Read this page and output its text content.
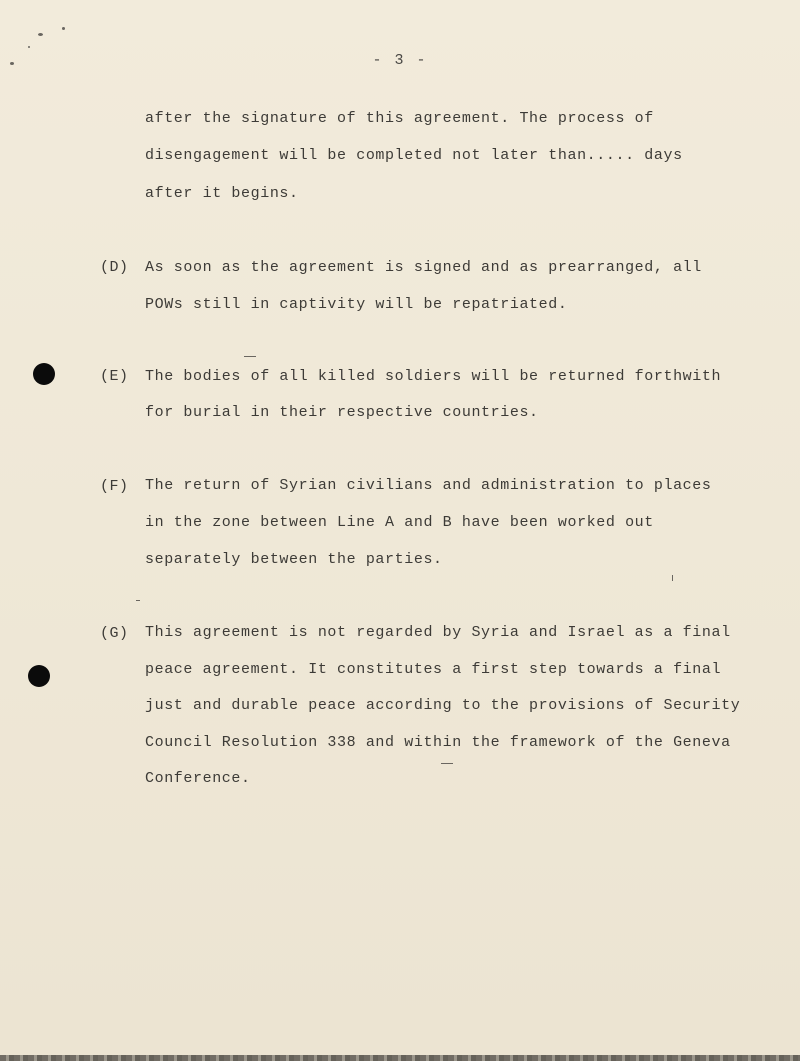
- 3 -
after the signature of this agreement. The process of
disengagement will be completed not later than..... days
after it begins.
(D) As soon as the agreement is signed and as prearranged, all
POWs still in captivity will be repatriated.
(E) The bodies of all killed soldiers will be returned forthwith
for burial in their respective countries.
(F) The return of Syrian civilians and administration to places
in the zone between Line A and B have been worked out
separately between the parties.
(G) This agreement is not regarded by Syria and Israel as a final
peace agreement. It constitutes a first step towards a final
just and durable peace according to the provisions of Security
Council Resolution 338 and within the framework of the Geneva
Conference.
